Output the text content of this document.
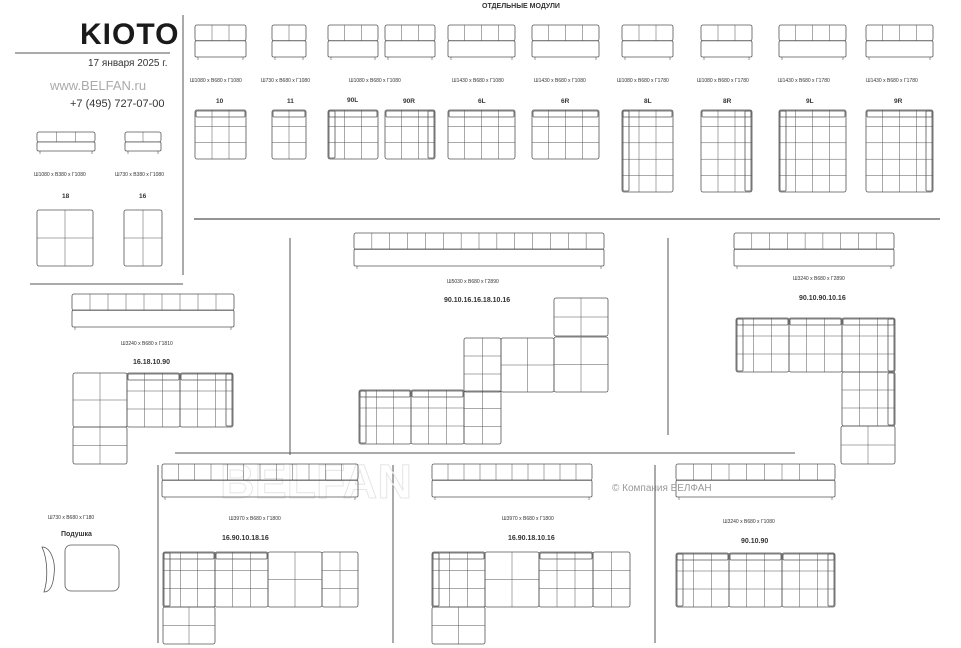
BELFAN
KIOTO
17 января 2025 г.
www.BELFAN.ru
+7 (495) 727-07-00
ОТДЕЛЬНЫЕ МОДУЛИ
Ш1080 х В680 х Г1080	Ш730 х В680 х Г1080	Ш1080 х В680 х Г1080	Ш1430 х В680 х Г1080	Ш1430 х В680 х Г1080	Ш1080 х В680 х Г1780	Ш1080 х В680 х Г1780	Ш1430 х В680 х Г1780	Ш1430 х В680 х Г1780
10	11	90L	90R	6L	6R	8L	8R	9L	9R
Ш1080 х В380 х Г1080	Ш730 х В380 х Г1080
18	16
Ш3240 х В680 х Г1810
16.18.10.90
Ш5030 х В680 х Г2890
90.10.16.16.18.10.16
Ш3240 х В680 х Г2890
90.10.90.10.16
Ш3970 х В680 х Г1800
16.90.10.18.16
Ш3970 х В680 х Г1800
16.90.18.10.16
Ш3240 х В680 х Г1080
90.10.90
Ш730 х В680 х Г180
Подушка
© Компания БЕЛФАН
